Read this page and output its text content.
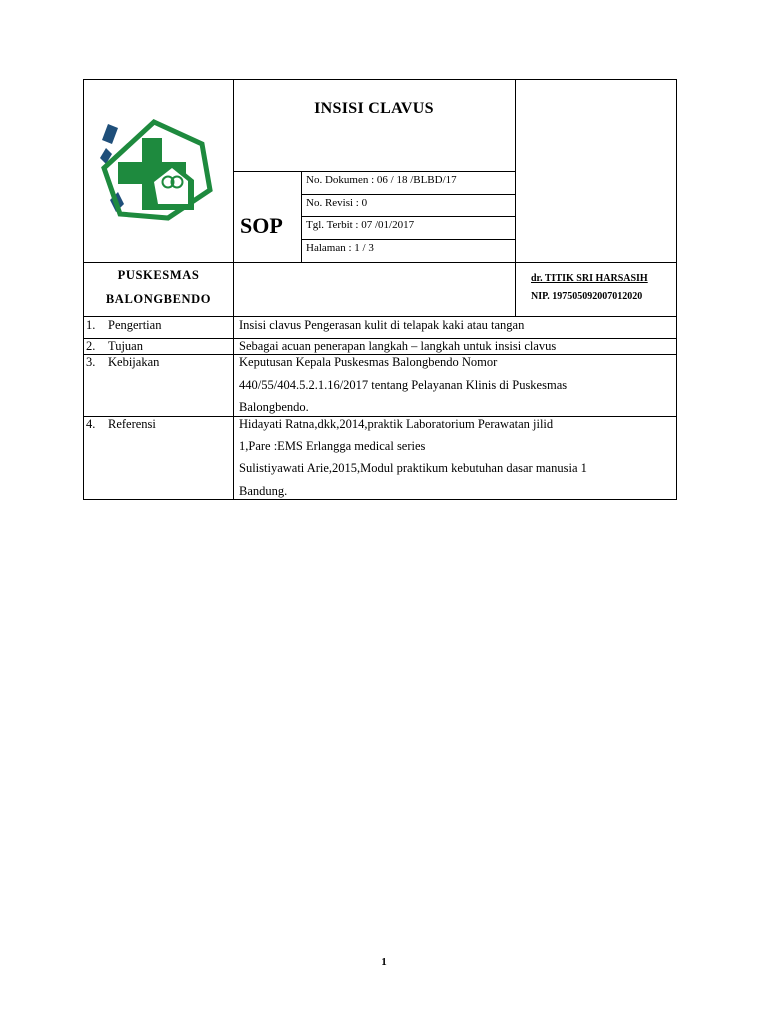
INSISI CLAVUS
SOP
No. Dokumen : 06 / 18 /BLBD/17
No. Revisi : 0
Tgl. Terbit : 07 /01/2017
Halaman : 1 / 3
PUSKESMAS
BALONGBENDO
dr. TITIK SRI HARSASIH
NIP. 197505092007012020
1. Pengertian	Insisi clavus Pengerasan kulit di telapak kaki atau tangan
2. Tujuan	Sebagai acuan penerapan langkah – langkah untuk insisi clavus
3. Kebijakan	Keputusan Kepala Puskesmas Balongbendo Nomor
440/55/404.5.2.1.16/2017 tentang Pelayanan Klinis di Puskesmas
Balongbendo.
4. Referensi	Hidayati Ratna,dkk,2014,praktik Laboratorium Perawatan jilid
1,Pare :EMS Erlangga medical series
Sulistiyawati Arie,2015,Modul praktikum kebutuhan dasar manusia 1
Bandung.
1
